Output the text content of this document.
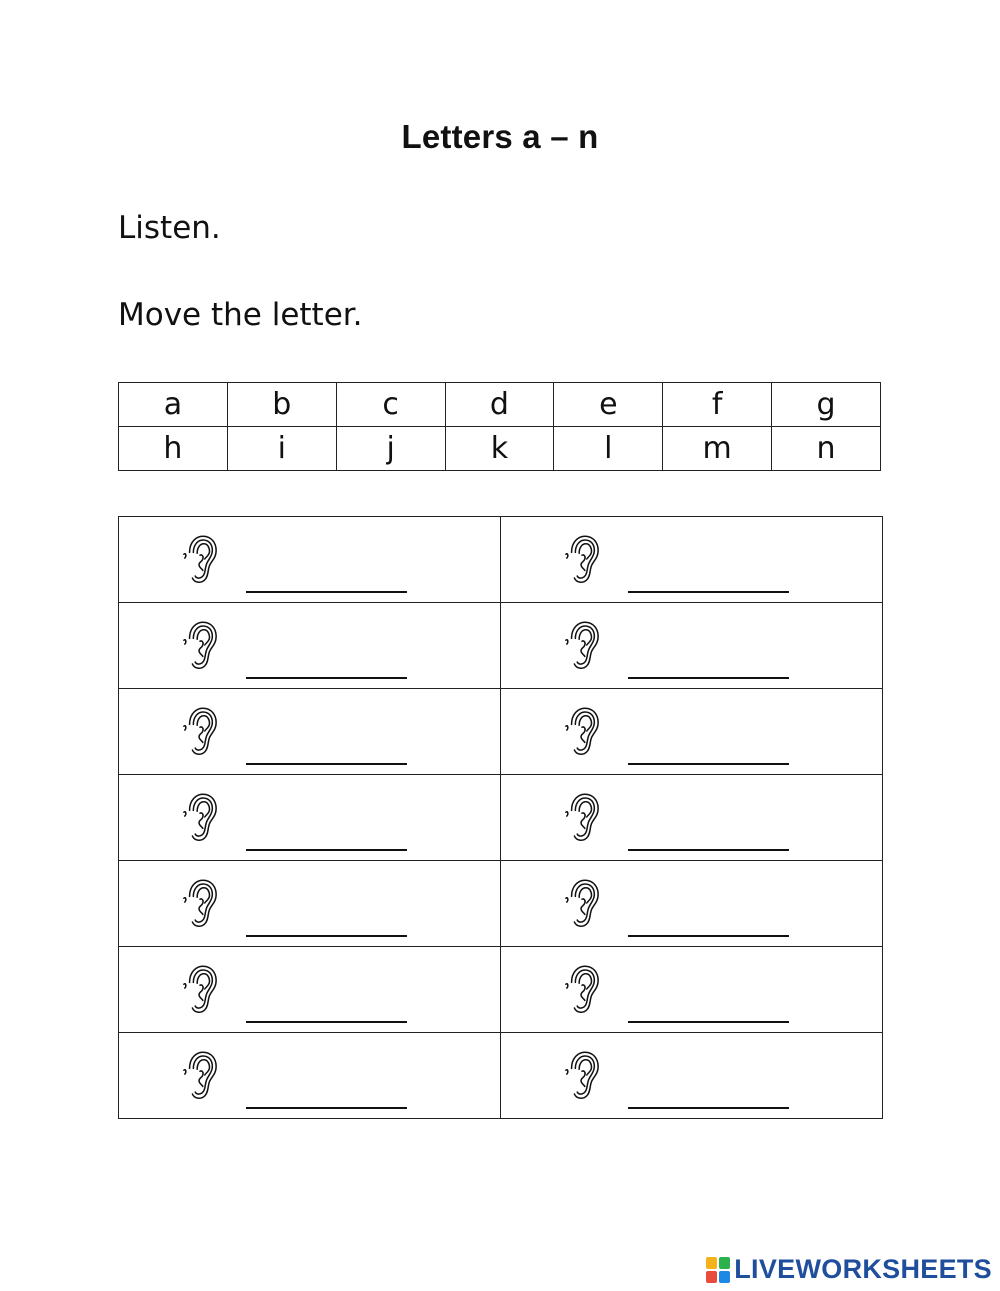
Letters a – n
Listen.
Move the letter.
a	b	c	d	e	f	g
h	i	j	k	l	m	n

LIVEWORKSHEETS
